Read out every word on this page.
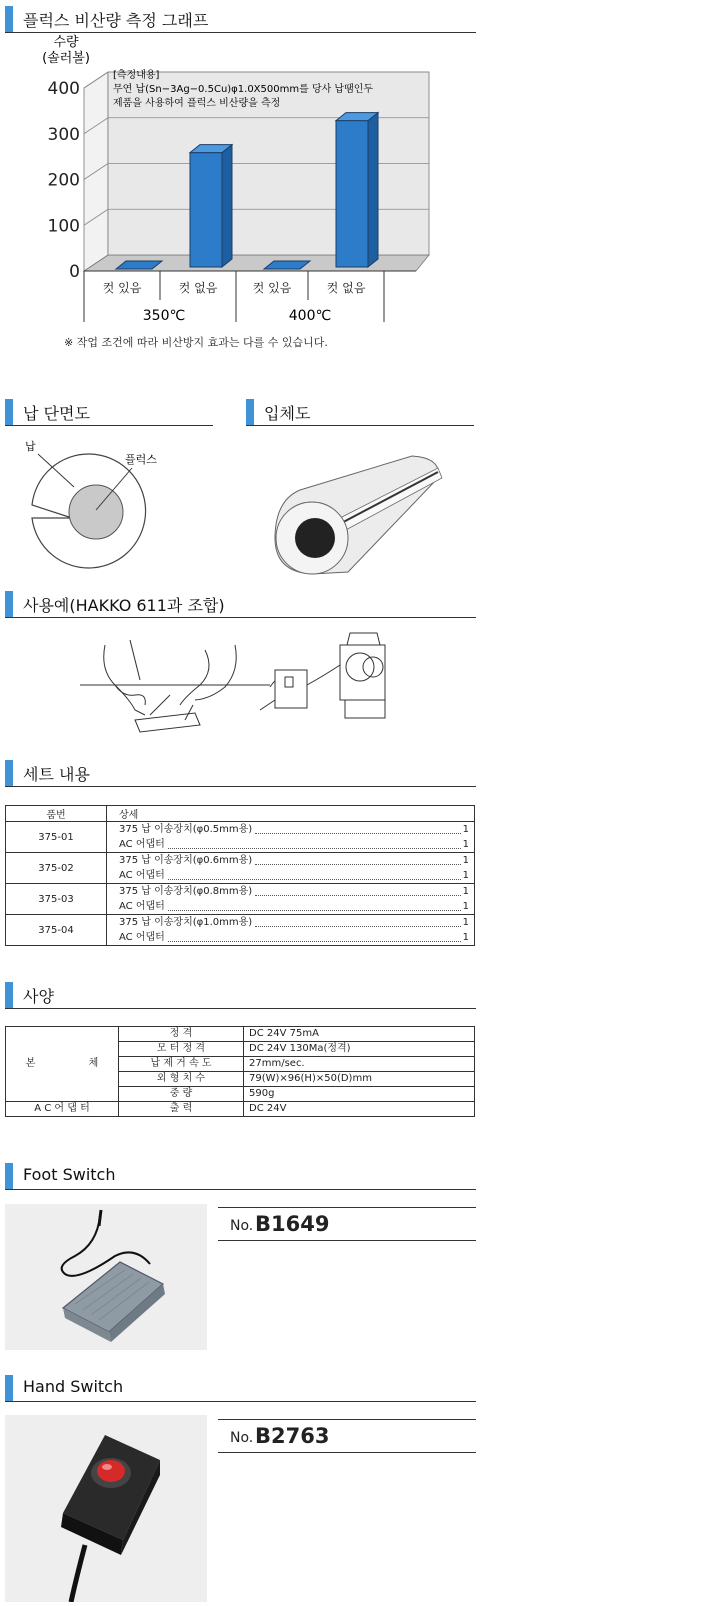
플럭스 비산량 측정 그래프
수량
(솔러볼)
0
100
200
300
400
[측정내용]
무연 납(Sn−3Ag−0.5Cu)φ1.0X500mm를 당사 납땜인두
제품을 사용하여 플럭스 비산량을 측정
컷 있음	컷 없음	컷 있음	컷 없음
350℃	400℃
※ 작업 조건에 따라 비산방지 효과는 다를 수 있습니다.
납 단면도	입체도
납
플럭스
사용예(HAKKO 611과 조합)
세트 내용
품번	상세
375-01	375 납 이송장치(φ0.5mm용) 1
AC 어댑터 1

375-02	375 납 이송장치(φ0.6mm용) 1
AC 어댑터 1

375-03	375 납 이송장치(φ0.8mm용) 1
AC 어댑터 1

375-04	375 납 이송장치(φ1.0mm용) 1
AC 어댑터 1
사양
본 체	정 격	DC 24V 75mA
	모 터 정 격	DC 24V 130Ma(정격)
	납 제 거 속 도	27mm/sec.
	외 형 치 수	79(W)×96(H)×50(D)mm
	중 량	590g
A C 어 댑 터	출 력	DC 24V
Foot Switch
No. B1649
Hand Switch
No. B2763
